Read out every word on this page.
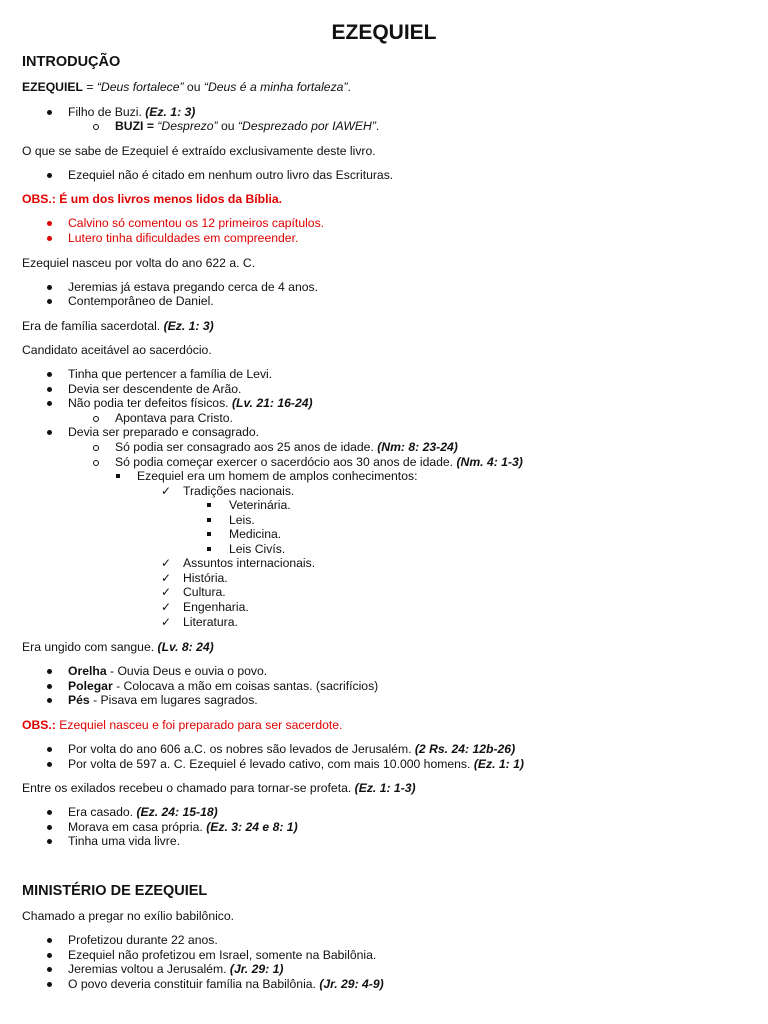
EZEQUIEL
INTRODUÇÃO
EZEQUIEL = “Deus fortalece” ou “Deus é a minha fortaleza”.
Filho de Buzi. (Ez. 1: 3)
BUZI = “Desprezo” ou “Desprezado por IAWEH”.
O que se sabe de Ezequiel é extraído exclusivamente deste livro.
Ezequiel não é citado em nenhum outro livro das Escrituras.
OBS.: É um dos livros menos lidos da Bíblia.
Calvino só comentou os 12 primeiros capítulos.
Lutero tinha dificuldades em compreender.
Ezequiel nasceu por volta do ano 622 a. C.
Jeremias já estava pregando cerca de 4 anos.
Contemporâneo de Daniel.
Era de família sacerdotal. (Ez. 1: 3)
Candidato aceitável ao sacerdócio.
Tinha que pertencer a família de Levi.
Devia ser descendente de Arão.
Não podia ter defeitos físicos. (Lv. 21: 16-24)
Apontava para Cristo.
Devia ser preparado e consagrado.
Só podia ser consagrado aos 25 anos de idade. (Nm: 8: 23-24)
Só podia começar exercer o sacerdócio aos 30 anos de idade. (Nm. 4: 1-3)
Ezequiel era um homem de amplos conhecimentos:
✓ Tradições nacionais.
Veterinária.
Leis.
Medicina.
Leis Civís.
✓ Assuntos internacionais.
✓ História.
✓ Cultura.
✓ Engenharia.
✓ Literatura.
Era ungido com sangue. (Lv. 8: 24)
Orelha - Ouvia Deus e ouvia o povo.
Polegar - Colocava a mão em coisas santas. (sacrifícios)
Pés - Pisava em lugares sagrados.
OBS.: Ezequiel nasceu e foi preparado para ser sacerdote.
Por volta do ano 606 a.C. os nobres são levados de Jerusalém. (2 Rs. 24: 12b-26)
Por volta de 597 a. C. Ezequiel é levado cativo, com mais 10.000 homens. (Ez. 1: 1)
Entre os exilados recebeu o chamado para tornar-se profeta. (Ez. 1: 1-3)
Era casado. (Ez. 24: 15-18)
Morava em casa própria. (Ez. 3: 24 e 8: 1)
Tinha uma vida livre.
MINISTÉRIO DE EZEQUIEL
Chamado a pregar no exílio babilônico.
Profetizou durante 22 anos.
Ezequiel não profetizou em Israel, somente na Babilônia.
Jeremias voltou a Jerusalém. (Jr. 29: 1)
O povo deveria constituir família na Babilônia. (Jr. 29: 4-9)
